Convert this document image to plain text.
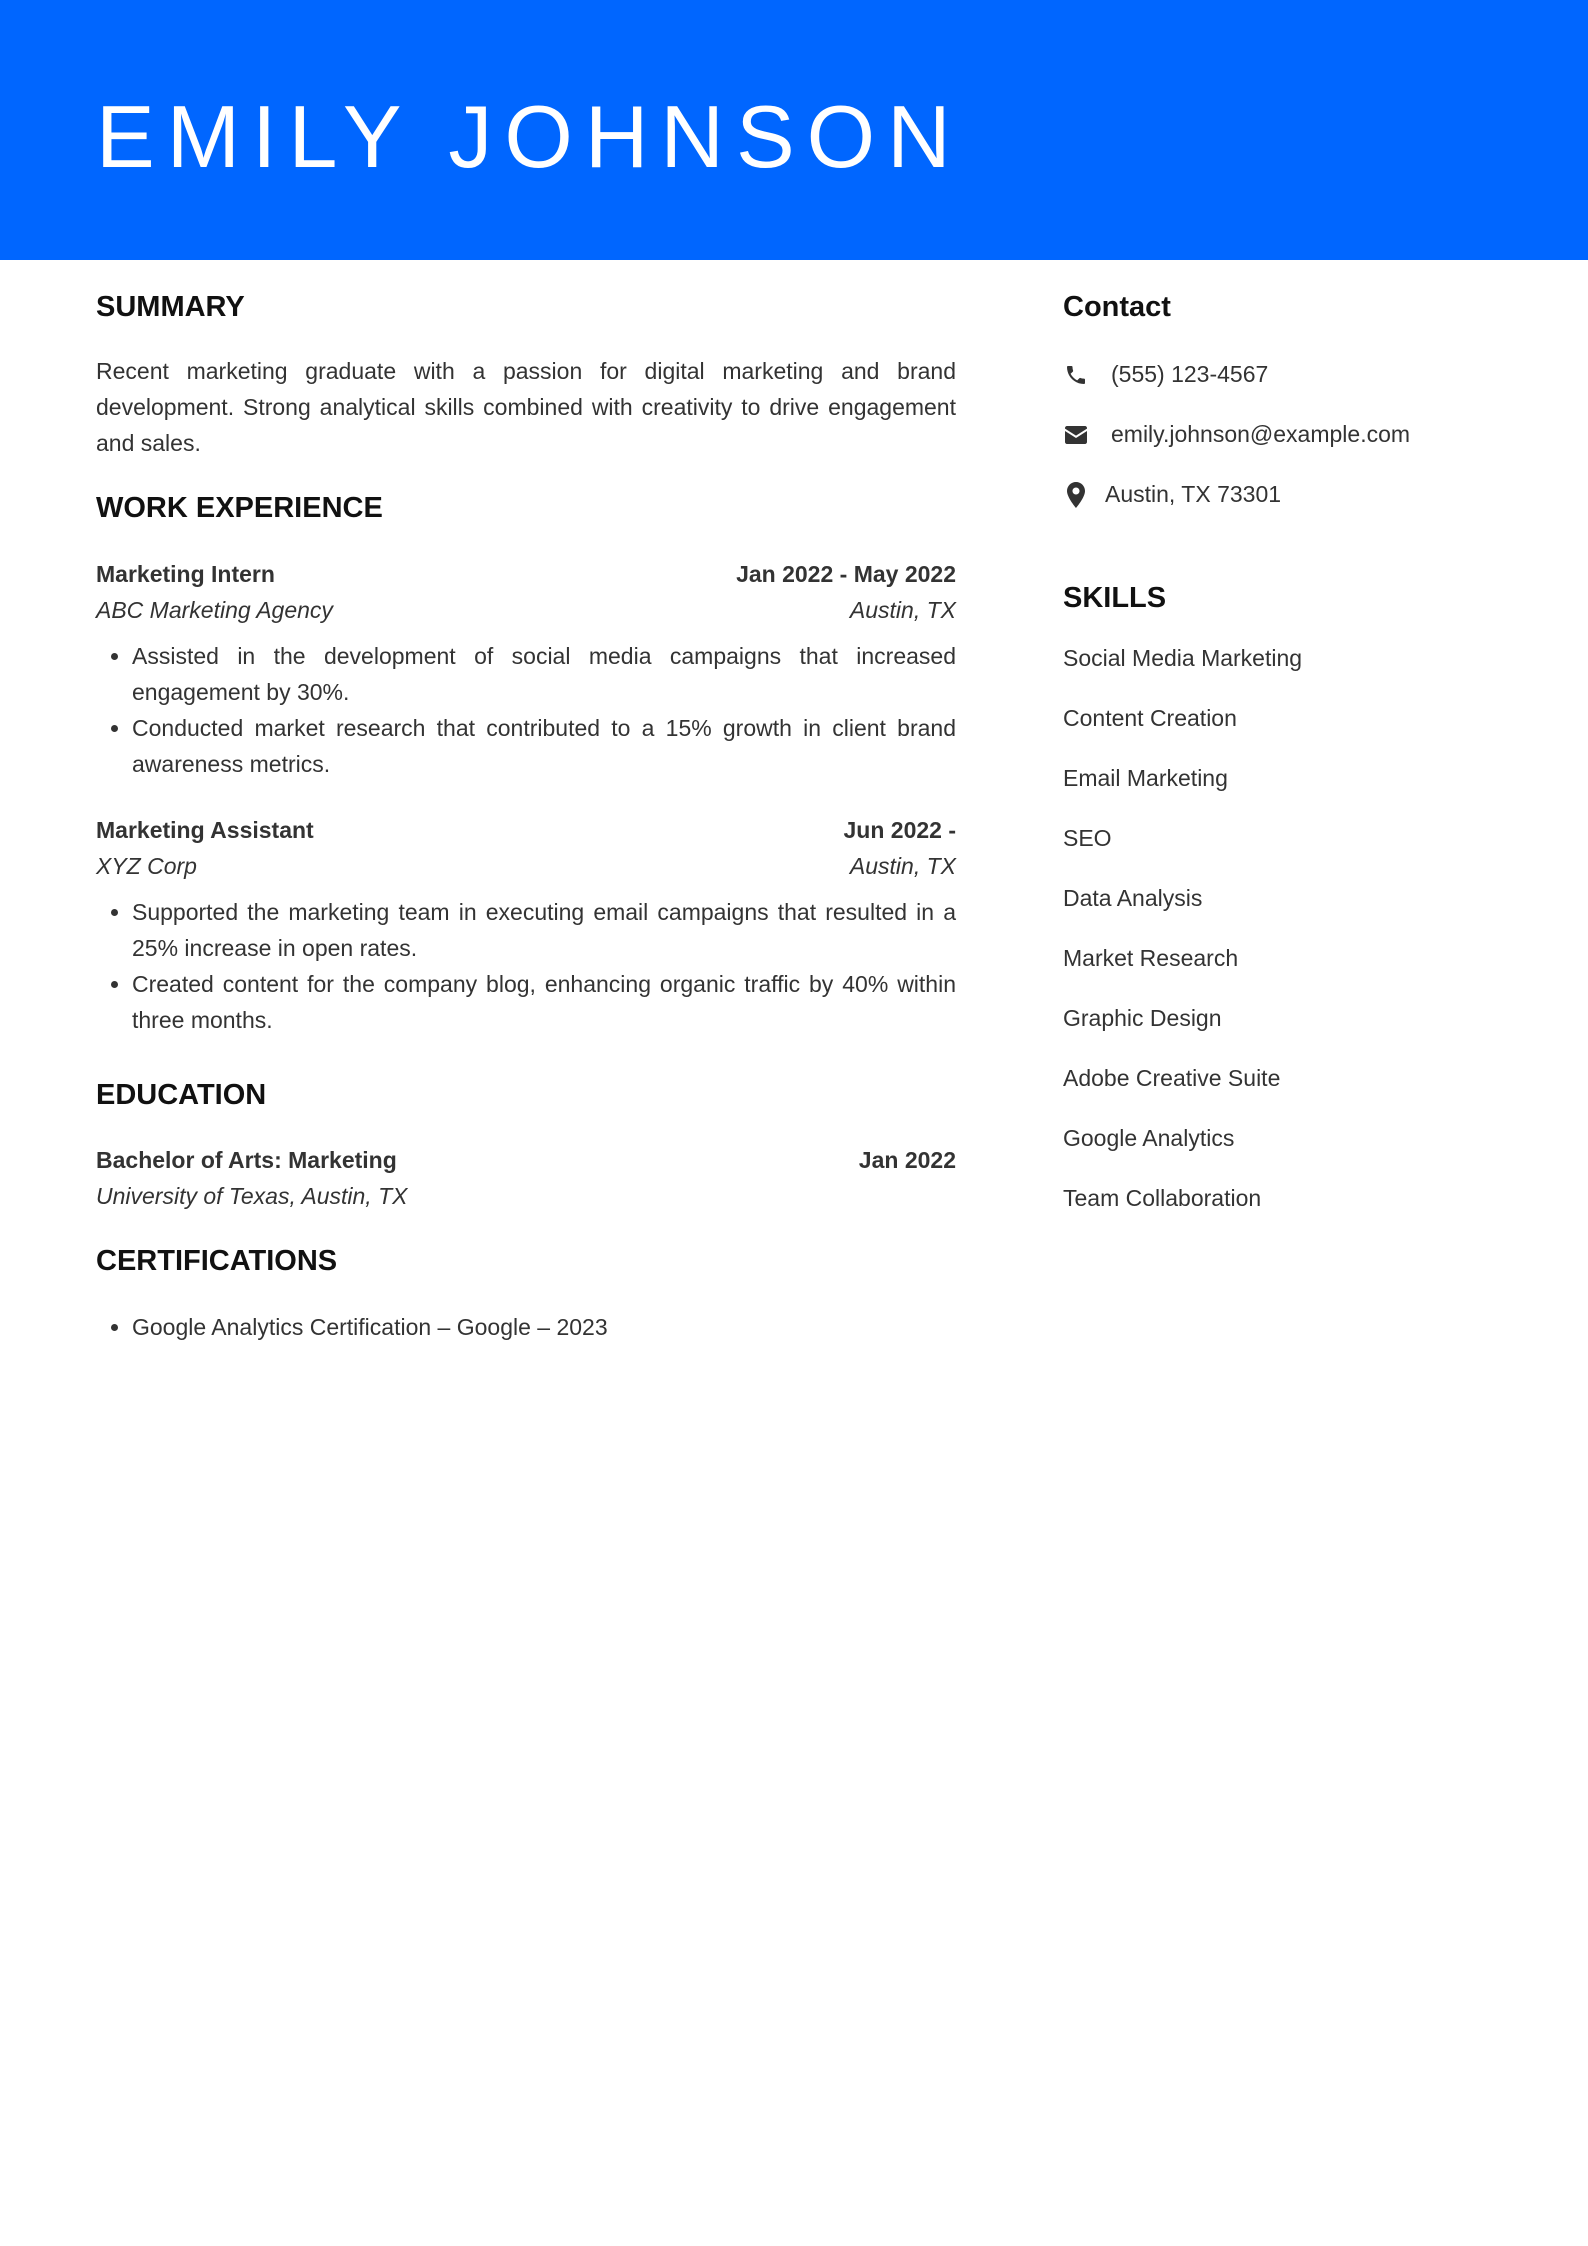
EMILY JOHNSON
SUMMARY

Recent marketing graduate with a passion for digital marketing and brand development. Strong analytical skills combined with creativity to drive engagement and sales.

WORK EXPERIENCE
Marketing Intern	Jan 2022 - May 2022
ABC Marketing Agency	Austin, TX
• Assisted in the development of social media campaigns that increased engagement by 30%.
• Conducted market research that contributed to a 15% growth in client brand awareness metrics.
Marketing Assistant	Jun 2022 -
XYZ Corp	Austin, TX
• Supported the marketing team in executing email campaigns that resulted in a 25% increase in open rates.
• Created content for the company blog, enhancing organic traffic by 40% within three months.
EDUCATION
Bachelor of Arts: Marketing	Jan 2022
University of Texas, Austin, TX
CERTIFICATIONS
• Google Analytics Certification – Google – 2023
Contact
(555) 123-4567
emily.johnson@example.com
Austin, TX 73301
SKILLS
Social Media Marketing
Content Creation
Email Marketing
SEO
Data Analysis
Market Research
Graphic Design
Adobe Creative Suite
Google Analytics
Team Collaboration
